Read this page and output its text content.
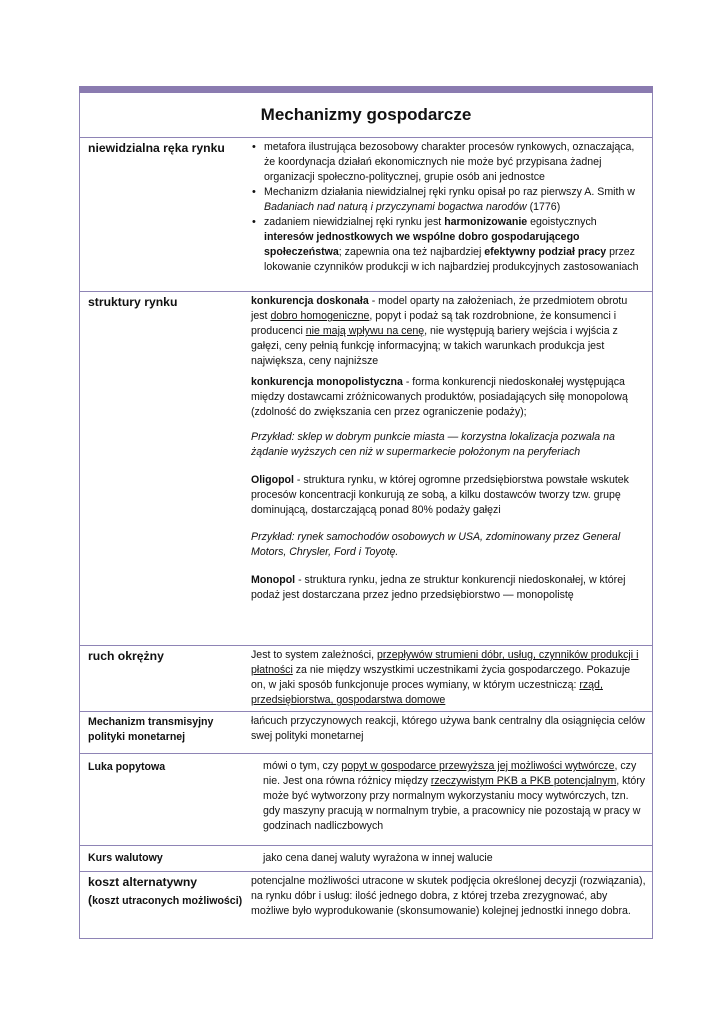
Mechanizmy gospodarcze
niewidzialna ręka rynku
•	metafora ilustrująca bezosobowy charakter procesów rynkowych, oznaczająca, że koordynacja działań ekonomicznych nie może być przypisana żadnej organizacji społeczno-politycznej, grupie osób ani jednostce
• Mechanizm działania niewidzialnej ręki rynku opisał po raz pierwszy A. Smith w Badaniach nad naturą i przyczynami bogactwa narodów (1776)
• zadaniem niewidzialnej ręki rynku jest harmonizowanie egoistycznych interesów jednostkowych we wspólne dobro gospodarującego społeczeństwa; zapewnia ona też najbardziej efektywny podział pracy przez lokowanie czynników produkcji w ich najbardziej produkcyjnych zastosowaniach
struktury rynku	konkurencja doskonała - model oparty na założeniach, że przedmiotem obrotu jest dobro homogeniczne, popyt i podaż są tak rozdrobnione, że konsumenci i producenci nie mają wpływu na cenę, nie występują bariery wejścia i wyjścia z gałęzi, ceny pełnią funkcję informacyjną; w takich warunkach produkcja jest największa, ceny najniższe

konkurencja monopolistyczna - forma konkurencji niedoskonałej występująca między dostawcami zróżnicowanych produktów, posiadających siłę monopolową (zdolność do zwiększania cen przez ograniczenie podaży);

Przykład: sklep w dobrym punkcie miasta — korzystna lokalizacja pozwala na żądanie wyższych cen niż w supermarkecie położonym na peryferiach

Oligopol - struktura rynku, w której ogromne przedsiębiorstwa powstałe wskutek procesów koncentracji konkurują ze sobą, a kilku dostawców tworzy tzw. grupę dominującą, dostarczającą ponad 80% podaży gałęzi

Przykład: rynek samochodów osobowych w USA, zdominowany przez General Motors, Chrysler, Ford i Toyotę.

Monopol - struktura rynku, jedna ze struktur konkurencji niedoskonałej, w której podaż jest dostarczana przez jedno przedsiębiorstwo — monopolistę

ruch okrężny	Jest to system zależności, przepływów strumieni dóbr, usług, czynników produkcji i płatności za nie między wszystkimi uczestnikami życia gospodarczego. Pokazuje on, w jaki sposób funkcjonuje proces wymiany, w którym uczestniczą: rząd, przedsiębiorstwa, gospodarstwa domowe

Mechanizm transmisyjny polityki monetarnej
łańcuch przyczynowych reakcji, którego używa bank centralny dla osiągnięcia celów swej polityki monetarnej
Luka popytowa	mówi o tym, czy popyt w gospodarce przewyższa jej możliwości wytwórcze, czy nie. Jest ona równa różnicy między rzeczywistym PKB a PKB potencjalnym, który może być wytworzony przy normalnym wykorzystaniu mocy wytwórczych, tzn. gdy maszyny pracują w normalnym trybie, a pracownicy nie pozostają w pracy w godzinach nadliczbowych

Kurs walutowy	jako cena danej waluty wyrażona w innej walucie
koszt alternatywny
(koszt utraconych możliwości)
potencjalne możliwości utracone w skutek podjęcia określonej decyzji (rozwiązania), na rynku dóbr i usług: ilość jednego dobra, z której trzeba zrezygnować, aby możliwe było wyprodukowanie (skonsumowanie) kolejnej jednostki innego dobra.
